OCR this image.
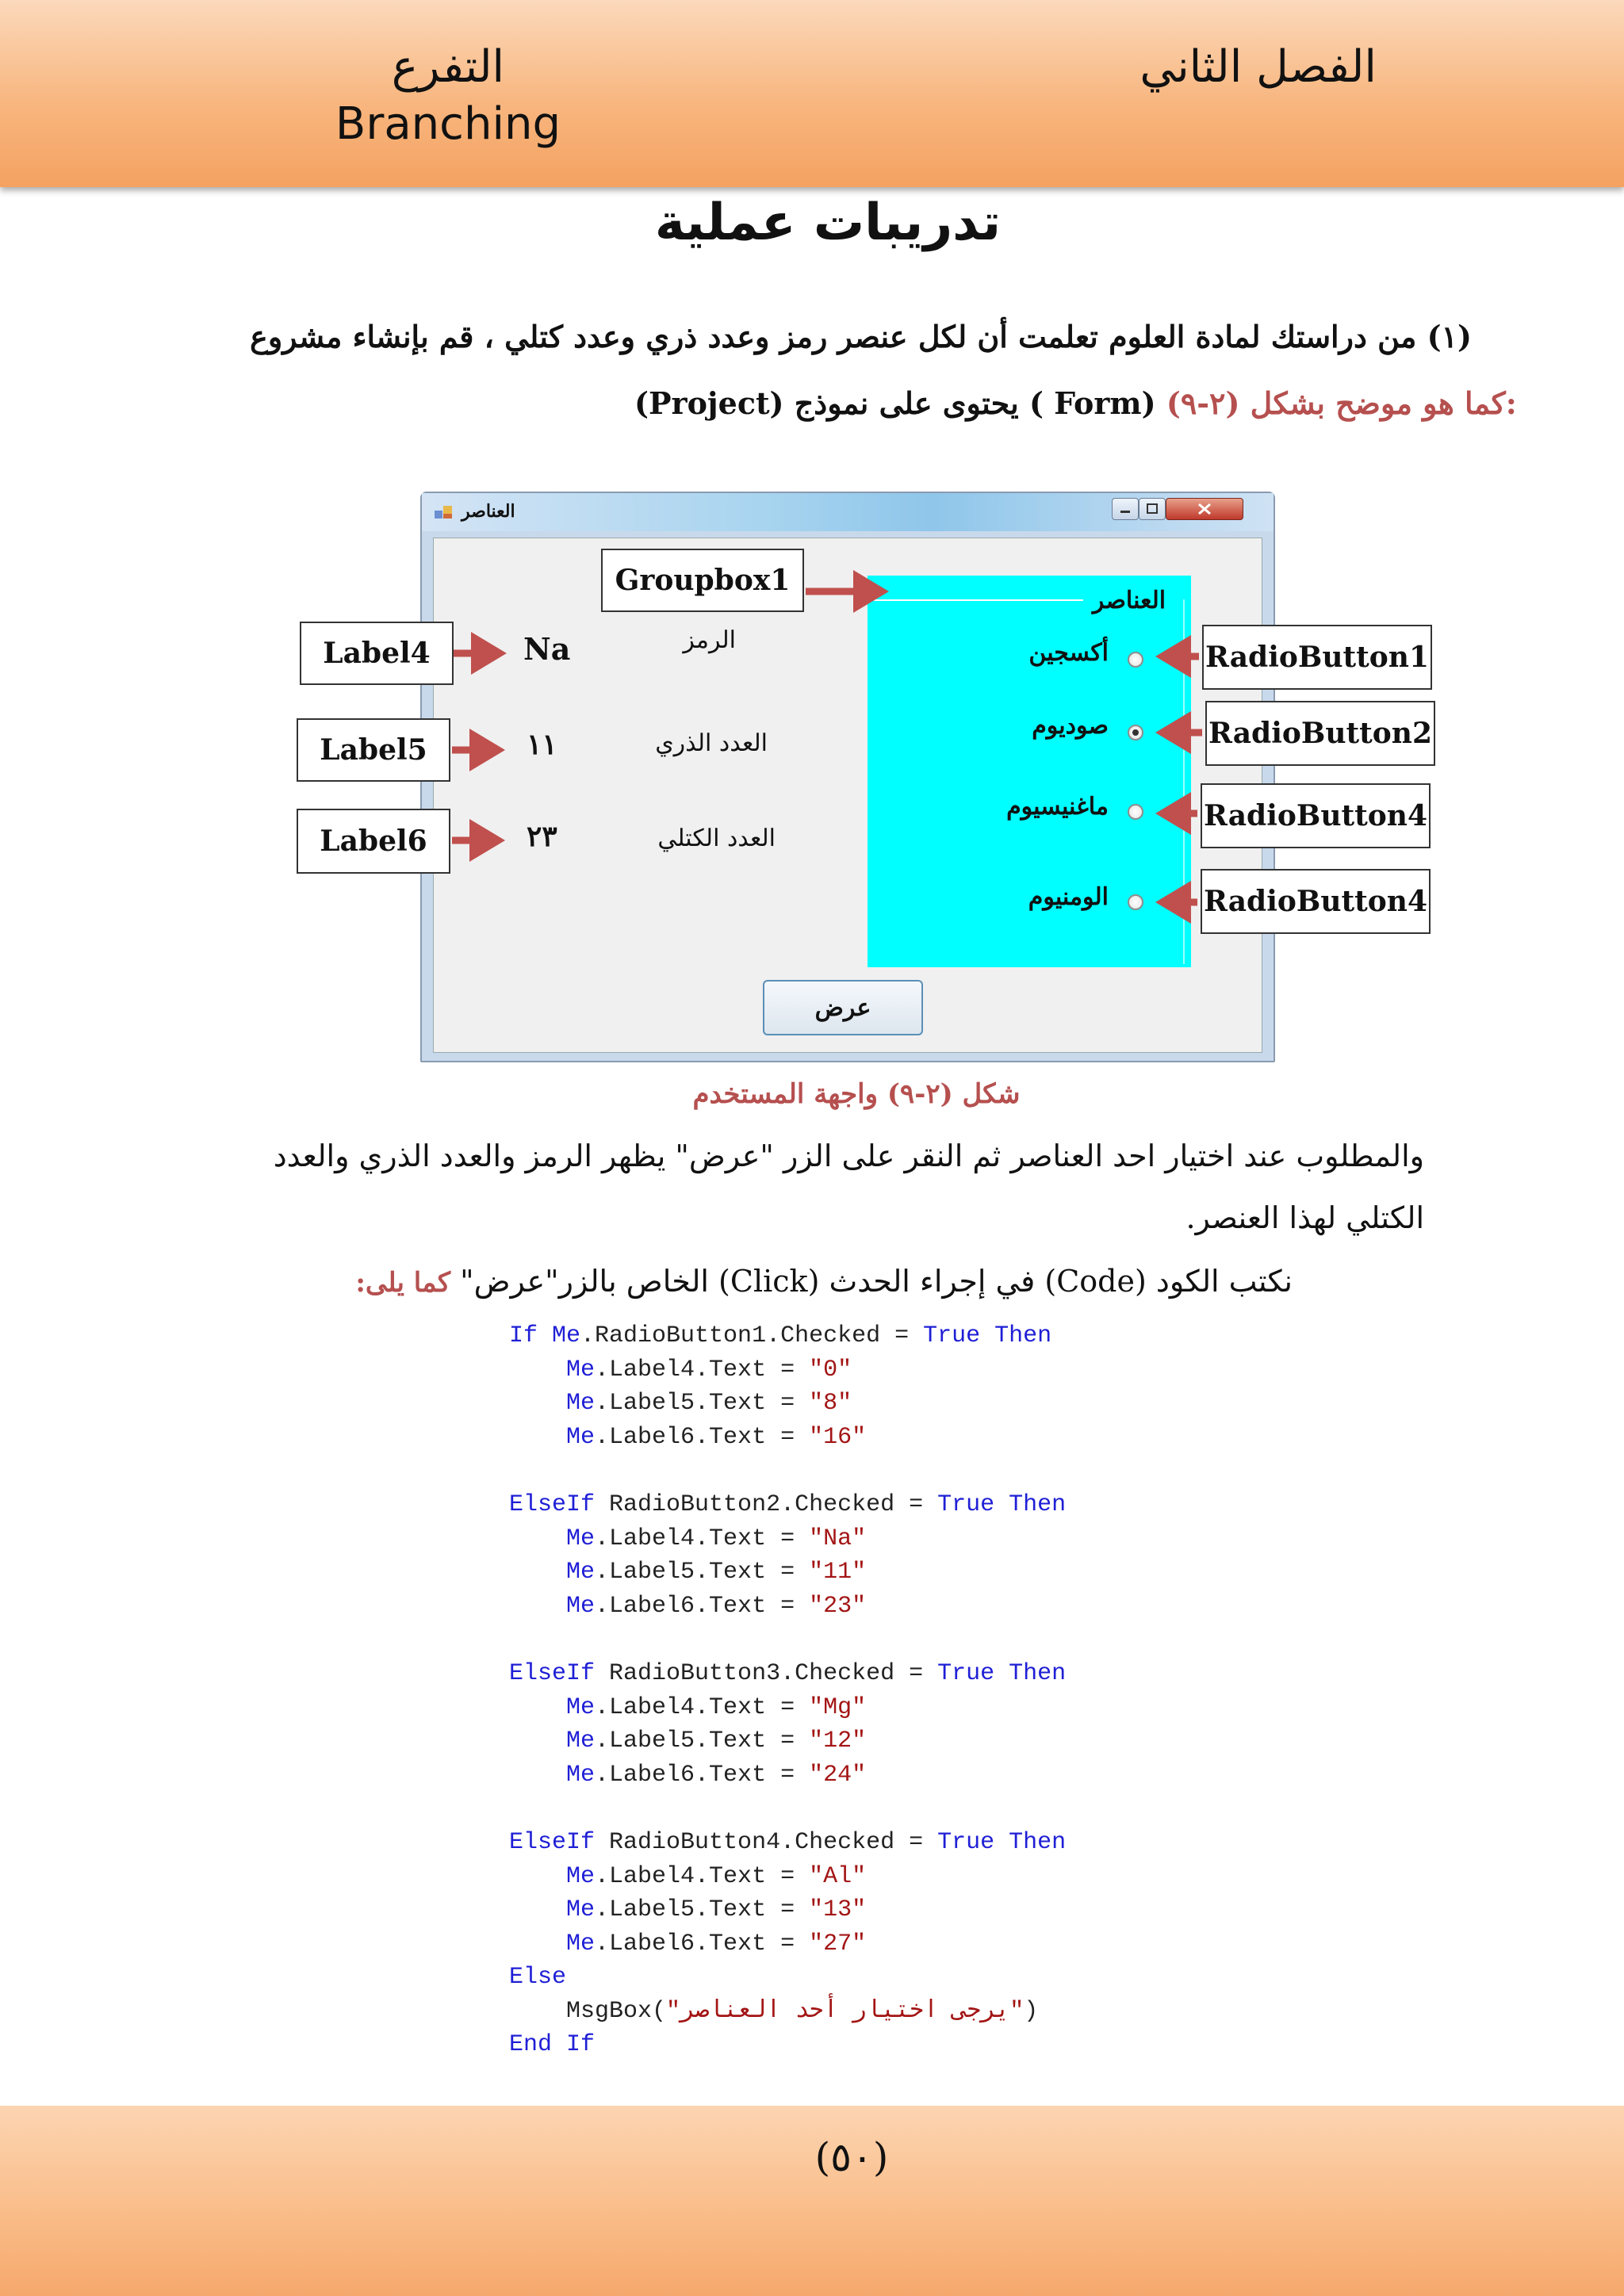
الفصل الثاني
التفرع
Branching
تدريبات عملية
(١) من دراستك لمادة العلوم تعلمت أن لكل عنصر رمز وعدد ذري وعدد كتلي ، قم بإنشاء مشروع
(Project) يحتوى على نموذج ( Form) كما هو موضح بشكل (٢-٩):
العناصر
العناصر
أكسجين
صوديوم
ماغنيسيوم
الومنيوم
Na
١١
٢٣
الرمز
العدد الذري
العدد الكتلي
عرض
Groupbox1
Label4
Label5
Label6
RadioButton1
RadioButton2
RadioButton4
RadioButton4
شكل (٢-٩) واجهة المستخدم
والمطلوب عند اختيار احد العناصر ثم النقر على الزر "عرض" يظهر الرمز والعدد الذري والعدد
الكتلي لهذا العنصر.
نكتب الكود (Code) في إجراء الحدث (Click) الخاص بالزر"عرض" كما يلى:
If Me.RadioButton1.Checked = True Then
Me.Label4.Text = "0"
Me.Label5.Text = "8"
Me.Label6.Text = "16"
ElseIf RadioButton2.Checked = True Then
Me.Label4.Text = "Na"
Me.Label5.Text = "11"
Me.Label6.Text = "23"
ElseIf RadioButton3.Checked = True Then
Me.Label4.Text = "Mg"
Me.Label5.Text = "12"
Me.Label6.Text = "24"
ElseIf RadioButton4.Checked = True Then
Me.Label4.Text = "Al"
Me.Label5.Text = "13"
Me.Label6.Text = "27"
Else
MsgBox("يرجى اختيار أحد العناصر")
End If
(٥٠)
